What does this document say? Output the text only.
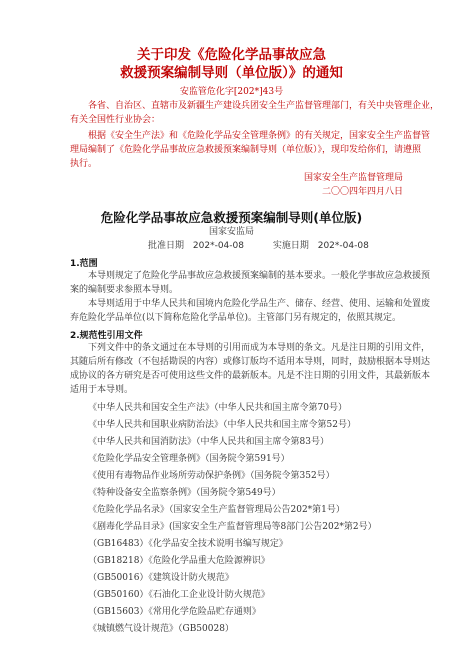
关于印发《危险化学品事故应急
救援预案编制导则（单位版）》的通知
安监管危化字[202*]43号
各省、自治区、直辖市及新疆生产建设兵团安全生产监督管理部门，有关中央管理企业，
有关全国性行业协会：
根据《安全生产法》和《危险化学品安全管理条例》的有关规定，国家安全生产监督管
理局编制了《危险化学品事故应急救援预案编制导则（单位版）》，现印发给你们，请遵照
执行。
国家安全生产监督管理局
二〇〇四年四月八日
危险化学品事故应急救援预案编制导则(单位版)
国家安监局
批准日期 202*-04-08	实施日期 202*-04-08
1.范围
本导则规定了危险化学品事故应急救援预案编制的基本要求。一般化学事故应急救援预
案的编制要求参照本导则。
本导则适用于中华人民共和国境内危险化学品生产、储存、经营、使用、运输和处置废
弃危险化学品单位(以下简称危险化学品单位)。主管部门另有规定的，依照其规定。
2.规范性引用文件
下列文件中的条文通过在本导则的引用而成为本导则的条文。凡是注日期的引用文件，
其随后所有修改（不包括勘误的内容）或修订版均不适用本导则，同时，鼓励根据本导则达
成协议的各方研究是否可使用这些文件的最新版本。凡是不注日期的引用文件，其最新版本
适用于本导则。
《中华人民共和国安全生产法》（中华人民共和国主席令第70号）
《中华人民共和国职业病防治法》（中华人民共和国主席令第52号）
《中华人民共和国消防法》（中华人民共和国主席令第83号）
《危险化学品安全管理条例》（国务院令第591号）
《使用有毒物品作业场所劳动保护条例》（国务院令第352号）
《特种设备安全监察条例》（国务院令第549号）
《危险化学品名录》（国家安全生产监督管理局公告202*第1号）
《剧毒化学品目录》(国家安全生产监督管理局等8部门公告202*第2号）
（GB16483）《化学品安全技术说明书编写规定》
（GB18218）《危险化学品重大危险源辨识》
（GB50016）《建筑设计防火规范》
（GB50160）《石油化工企业设计防火规范》
（GB15603）《常用化学危险品贮存通则》
《城镇燃气设计规范》（GB50028）
